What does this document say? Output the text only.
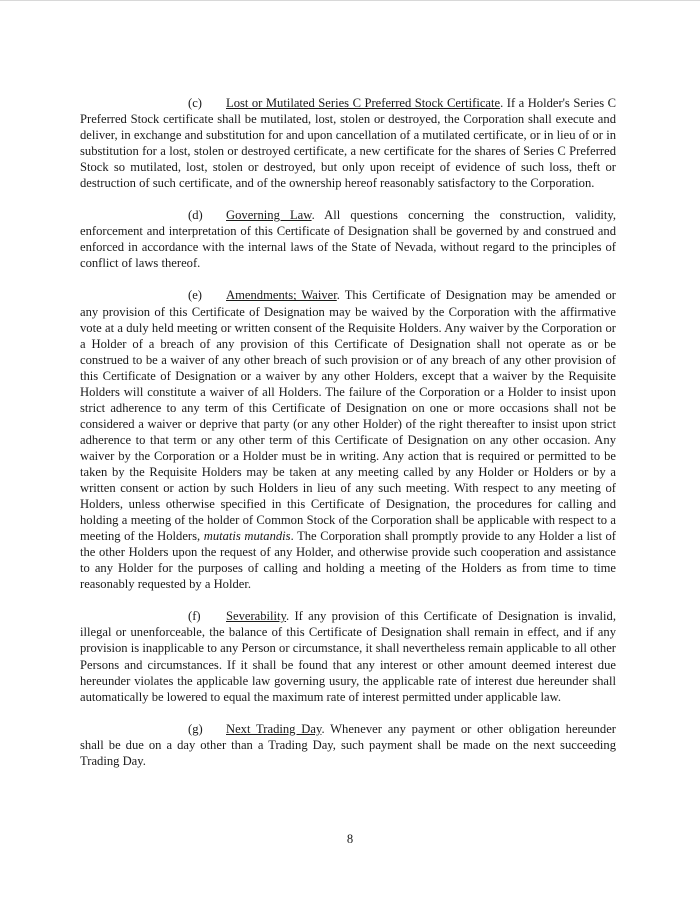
(c) Lost or Mutilated Series C Preferred Stock Certificate. If a Holder's Series C Preferred Stock certificate shall be mutilated, lost, stolen or destroyed, the Corporation shall execute and deliver, in exchange and substitution for and upon cancellation of a mutilated certificate, or in lieu of or in substitution for a lost, stolen or destroyed certificate, a new certificate for the shares of Series C Preferred Stock so mutilated, lost, stolen or destroyed, but only upon receipt of evidence of such loss, theft or destruction of such certificate, and of the ownership hereof reasonably satisfactory to the Corporation.

(d) Governing Law. All questions concerning the construction, validity, enforcement and interpretation of this Certificate of Designation shall be governed by and construed and enforced in accordance with the internal laws of the State of Nevada, without regard to the principles of conflict of laws thereof.

(e) Amendments; Waiver. This Certificate of Designation may be amended or any provision of this Certificate of Designation may be waived by the Corporation with the affirmative vote at a duly held meeting or written consent of the Requisite Holders. Any waiver by the Corporation or a Holder of a breach of any provision of this Certificate of Designation shall not operate as or be construed to be a waiver of any other breach of such provision or of any breach of any other provision of this Certificate of Designation or a waiver by any other Holders, except that a waiver by the Requisite Holders will constitute a waiver of all Holders. The failure of the Corporation or a Holder to insist upon strict adherence to any term of this Certificate of Designation on one or more occasions shall not be considered a waiver or deprive that party (or any other Holder) of the right thereafter to insist upon strict adherence to that term or any other term of this Certificate of Designation on any other occasion. Any waiver by the Corporation or a Holder must be in writing. Any action that is required or permitted to be taken by the Requisite Holders may be taken at any meeting called by any Holder or Holders or by a written consent or action by such Holders in lieu of any such meeting. With respect to any meeting of Holders, unless otherwise specified in this Certificate of Designation, the procedures for calling and holding a meeting of the holder of Common Stock of the Corporation shall be applicable with respect to a meeting of the Holders, mutatis mutandis. The Corporation shall promptly provide to any Holder a list of the other Holders upon the request of any Holder, and otherwise provide such cooperation and assistance to any Holder for the purposes of calling and holding a meeting of the Holders as from time to time reasonably requested by a Holder.

(f) Severability. If any provision of this Certificate of Designation is invalid, illegal or unenforceable, the balance of this Certificate of Designation shall remain in effect, and if any provision is inapplicable to any Person or circumstance, it shall nevertheless remain applicable to all other Persons and circumstances. If it shall be found that any interest or other amount deemed interest due hereunder violates the applicable law governing usury, the applicable rate of interest due hereunder shall automatically be lowered to equal the maximum rate of interest permitted under applicable law.

(g) Next Trading Day. Whenever any payment or other obligation hereunder shall be due on a day other than a Trading Day, such payment shall be made on the next succeeding Trading Day.

8
